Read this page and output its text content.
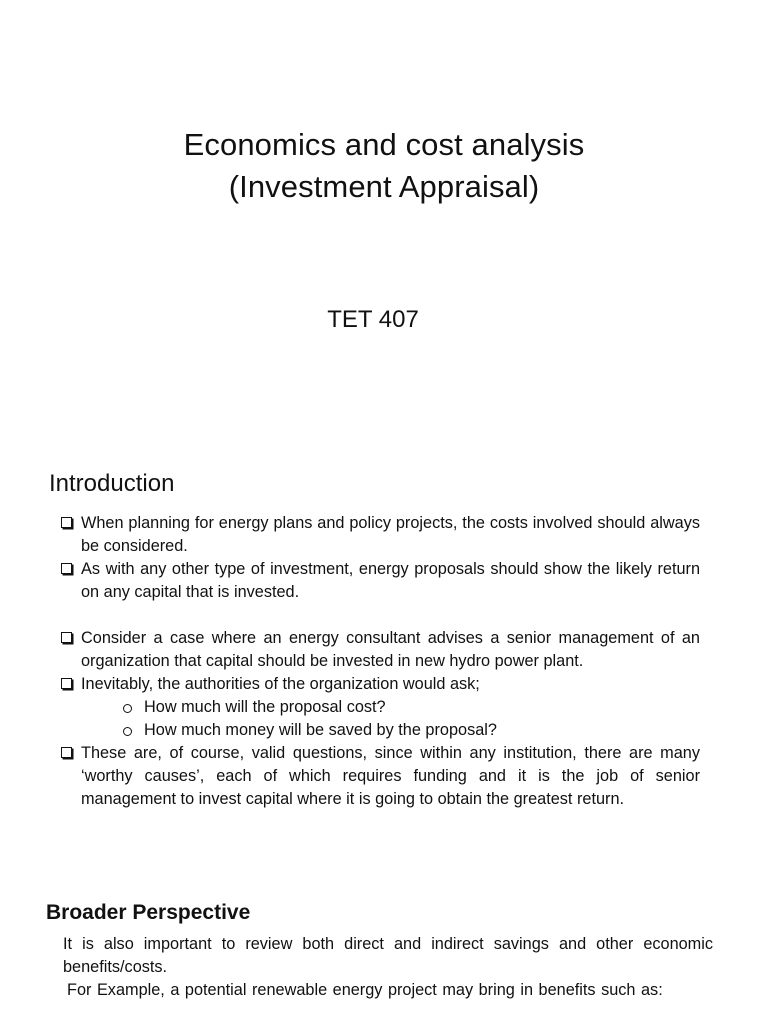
Economics and cost analysis
(Investment Appraisal)
TET 407
Introduction
When planning for energy plans and policy projects, the costs involved should always be considered.
As with any other type of investment, energy proposals should show the likely return on any capital that is invested.
Consider a case where an energy consultant advises a senior management of an organization that capital should be invested in new hydro power plant.
Inevitably, the authorities of the organization would ask;
How much will the proposal cost?
How much money will be saved by the proposal?
These are, of course, valid questions, since within any institution, there are many ‘worthy causes’, each of which requires funding and it is the job of senior management to invest capital where it is going to obtain the greatest return.
Broader Perspective
It is also important to review both direct and indirect savings and other economic benefits/costs.
For Example, a potential renewable energy project may bring in benefits such as:
